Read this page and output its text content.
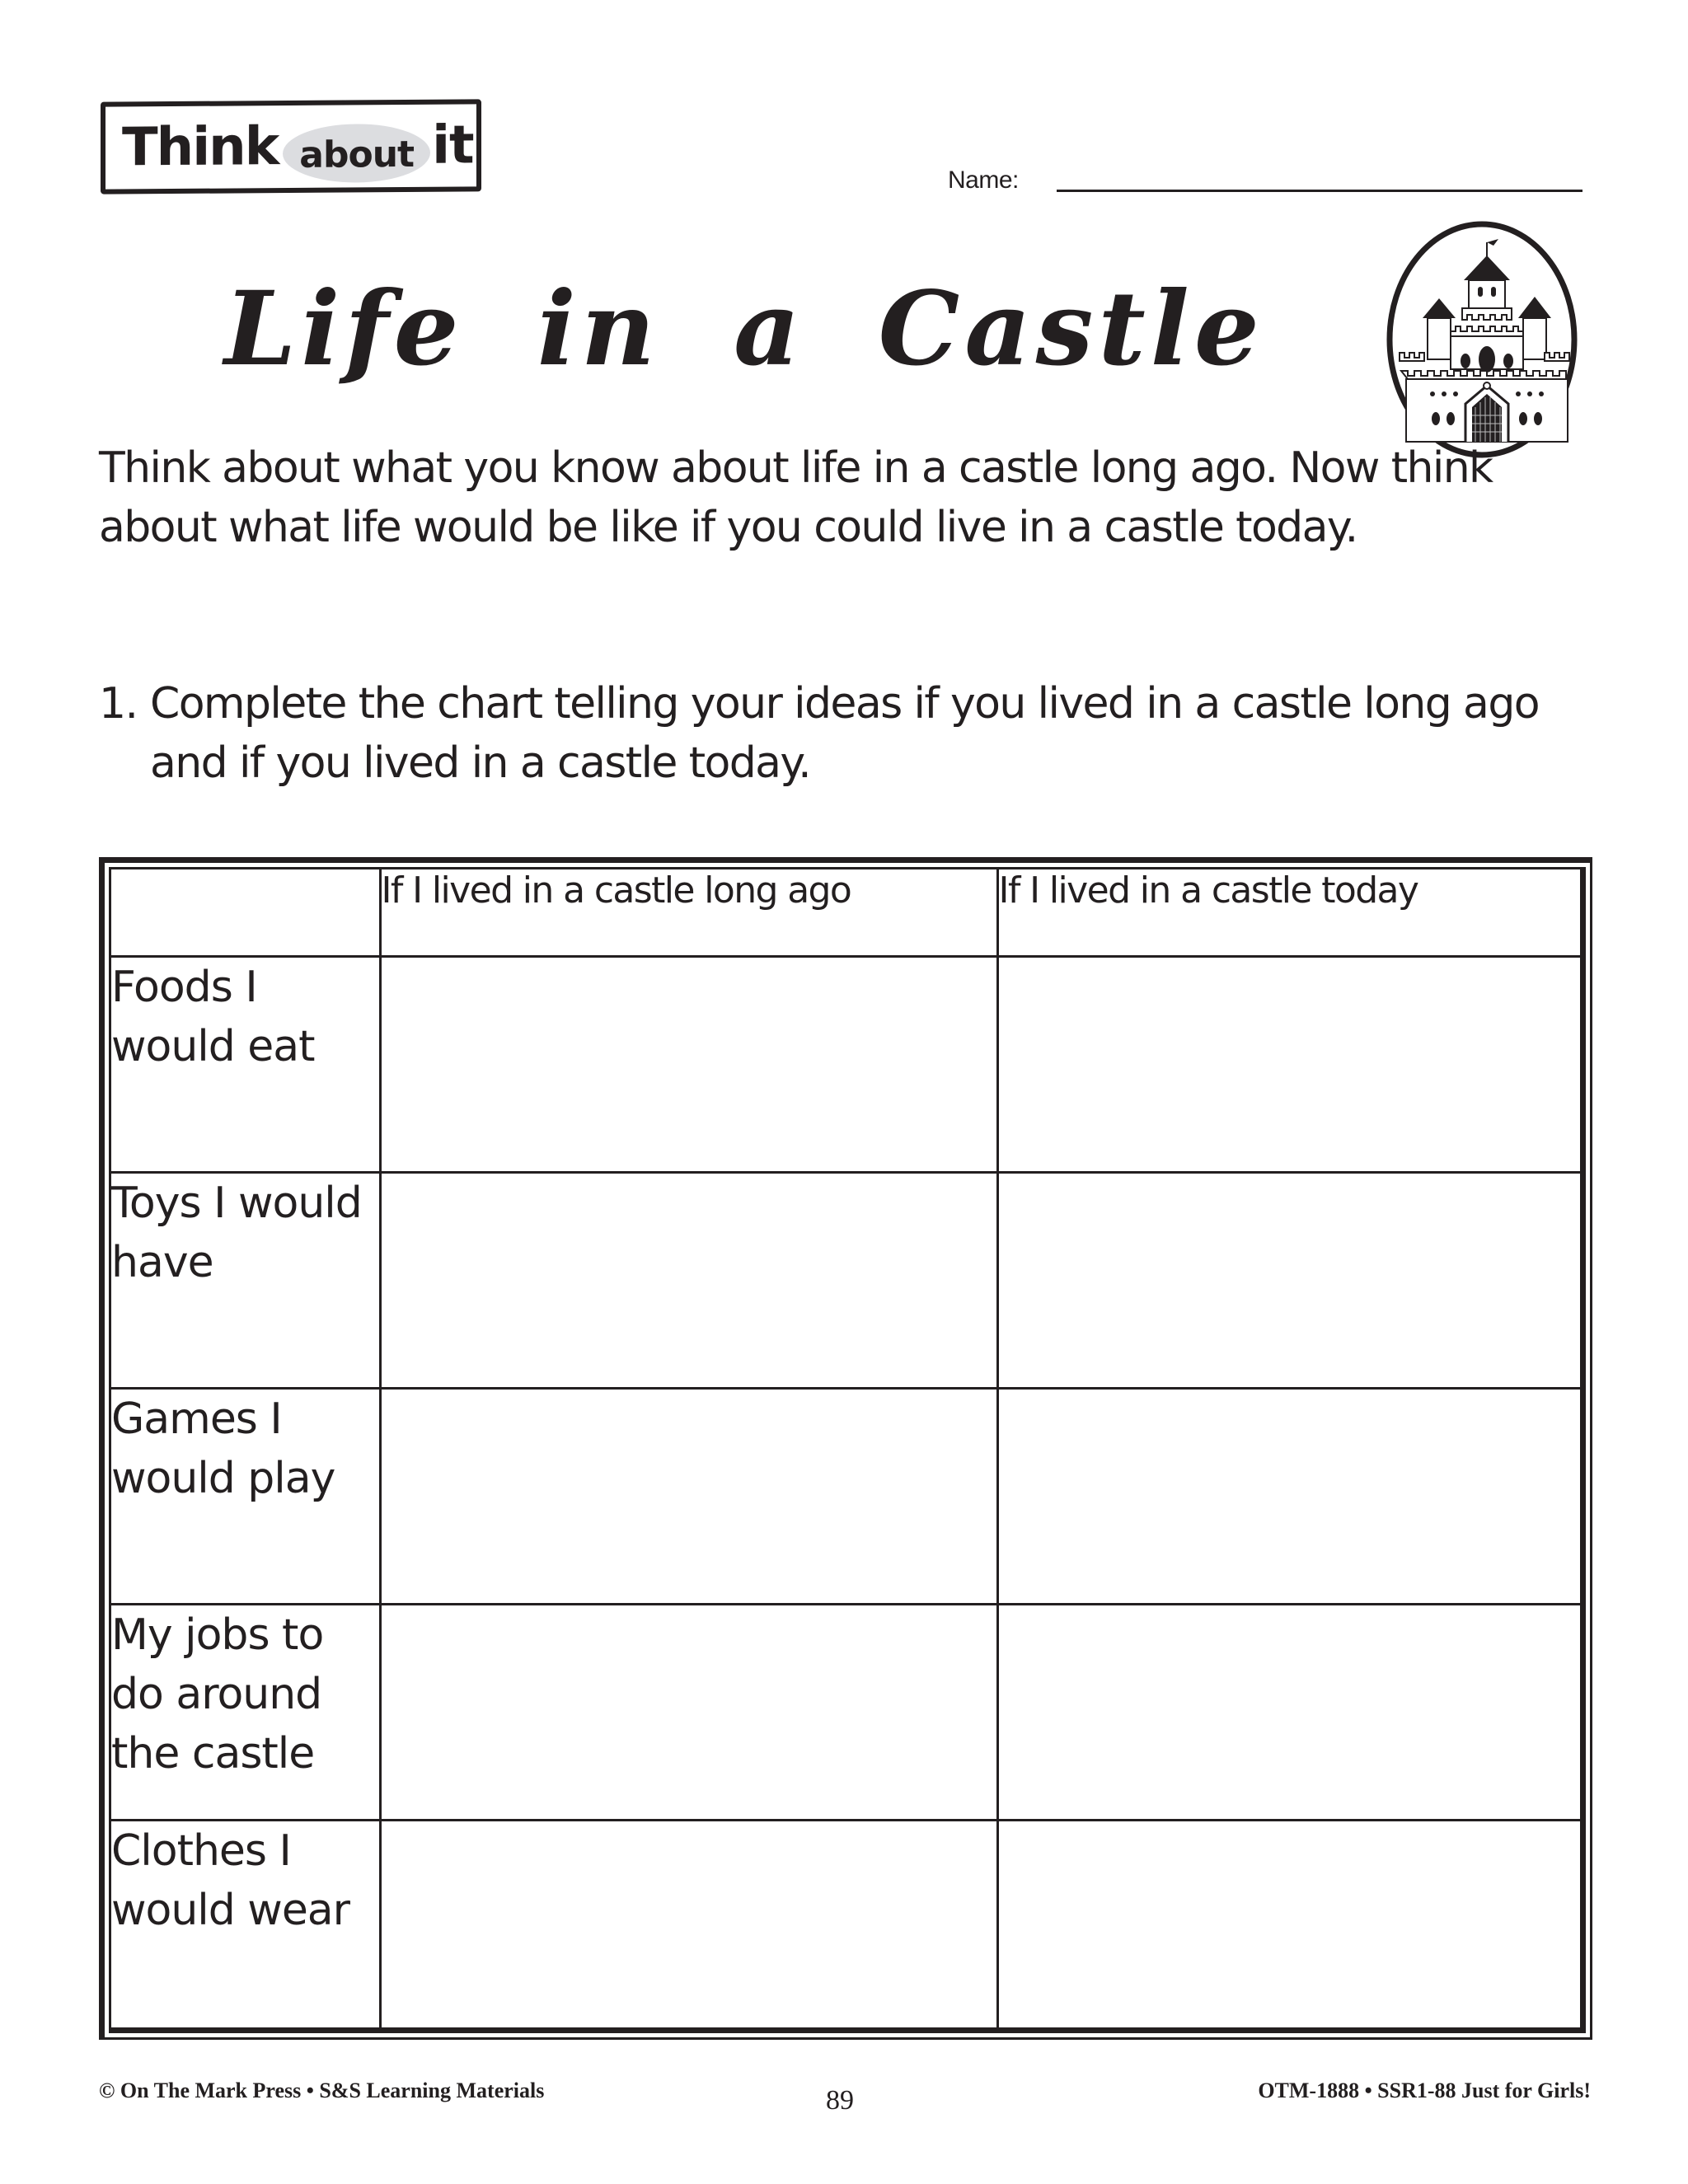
Think about it
Name:
Life in a Castle
Think about what you know about life in a castle long ago. Now think about what life would be like if you could live in a castle today.
1. Complete the chart telling your ideas if you lived in a castle long ago and if you lived in a castle today.
	If I lived in a castle long ago	If I lived in a castle today
Foods I would eat		
Toys I would have		
Games I would play		
My jobs to do around the castle		
Clothes I would wear		
© On The Mark Press • S&S Learning Materials	89	OTM-1888 • SSR1-88 Just for Girls!
